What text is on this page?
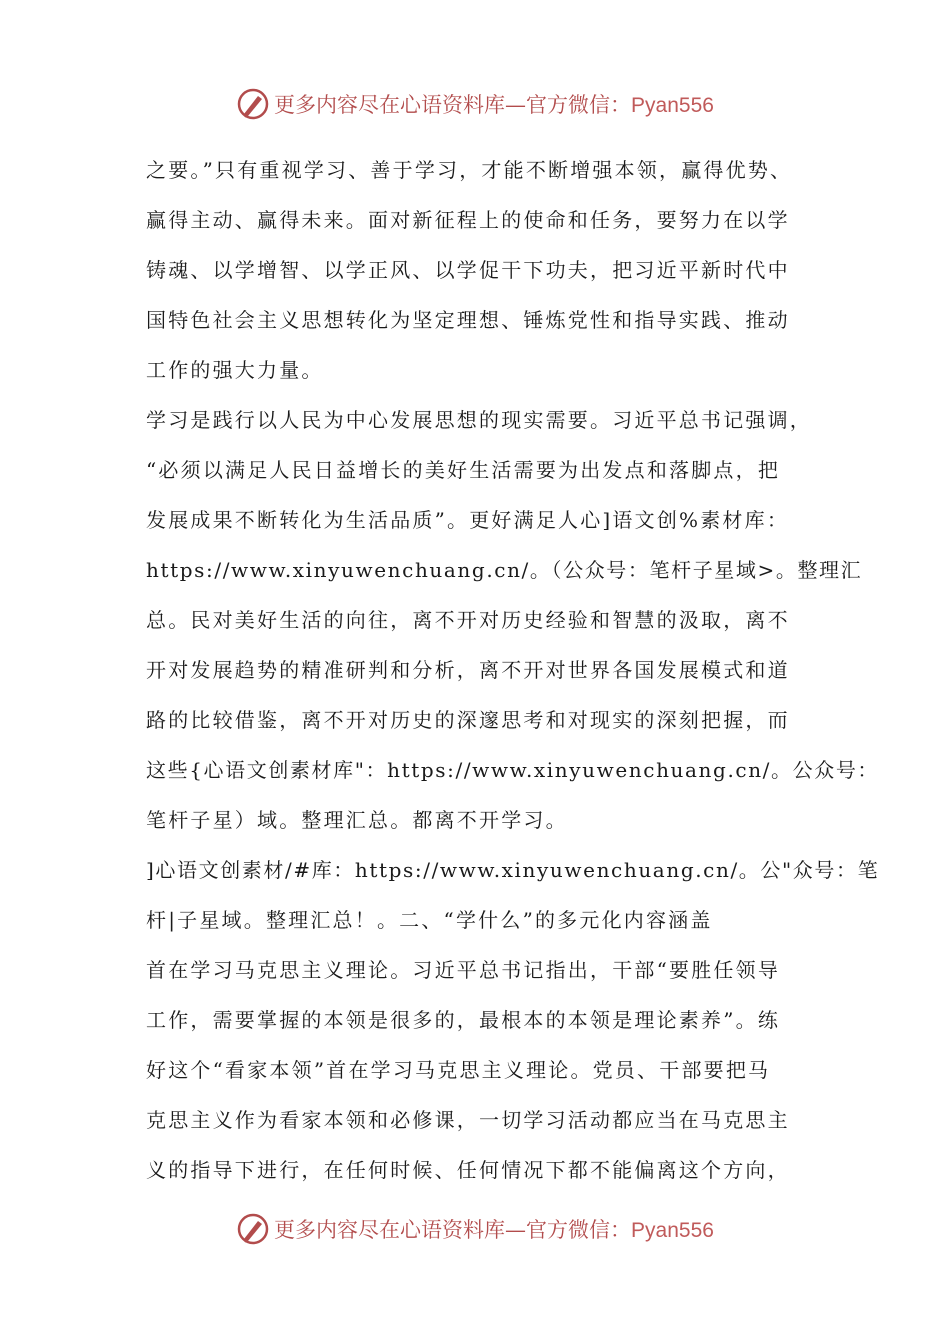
更多内容尽在心语资料库—官方微信：Pyan556
之要。”只有重视学习、善于学习，才能不断增强本领，赢得优势、
赢得主动、赢得未来。面对新征程上的使命和任务，要努力在以学
铸魂、以学增智、以学正风、以学促干下功夫，把习近平新时代中
国特色社会主义思想转化为坚定理想、锤炼党性和指导实践、推动
工作的强大力量。
学习是践行以人民为中心发展思想的现实需要。习近平总书记强调，
“必须以满足人民日益增长的美好生活需要为出发点和落脚点，把
发展成果不断转化为生活品质”。更好满足人心]语文创%素材库：
https://www.xinyuwenchuang.cn/。（公众号：笔杆子星域>。整理汇
总。民对美好生活的向往，离不开对历史经验和智慧的汲取，离不
开对发展趋势的精准研判和分析，离不开对世界各国发展模式和道
路的比较借鉴，离不开对历史的深邃思考和对现实的深刻把握，而
这些{心语文创素材库"：https://www.xinyuwenchuang.cn/。公众号：
笔杆子星）域。整理汇总。都离不开学习。
]心语文创素材/#库：https://www.xinyuwenchuang.cn/。公"众号：笔
杆|子星域。整理汇总！。二、“学什么”的多元化内容涵盖
首在学习马克思主义理论。习近平总书记指出，干部“要胜任领导
工作，需要掌握的本领是很多的，最根本的本领是理论素养”。练
好这个“看家本领”首在学习马克思主义理论。党员、干部要把马
克思主义作为看家本领和必修课，一切学习活动都应当在马克思主
义的指导下进行，在任何时候、任何情况下都不能偏离这个方向，
更多内容尽在心语资料库—官方微信：Pyan556
